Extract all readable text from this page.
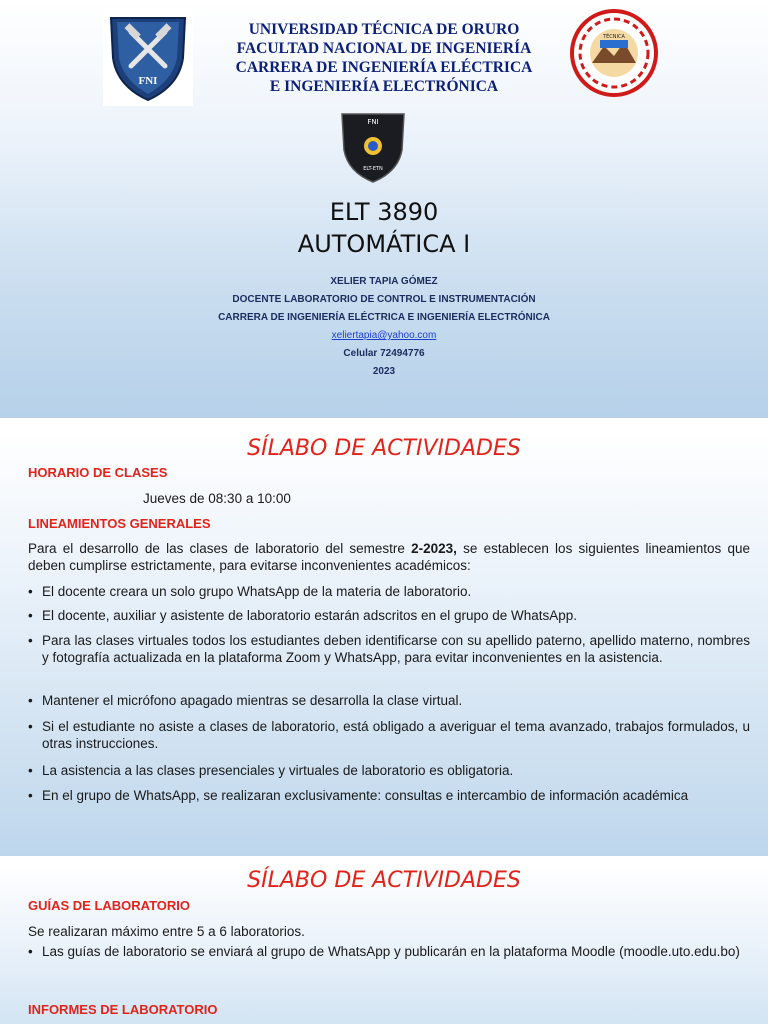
FNI
UNIVERSIDAD TÉCNICA DE ORURO
FACULTAD NACIONAL DE INGENIERÍA
CARRERA DE INGENIERÍA ELÉCTRICA
E INGENIERÍA ELECTRÓNICA
TÉCNICA
FNI
ELT-ETN
ELT 3890
AUTOMÁTICA I
XELIER TAPIA GÓMEZ
DOCENTE LABORATORIO DE CONTROL E INSTRUMENTACIÓN
CARRERA DE INGENIERÍA ELÉCTRICA E INGENIERÍA ELECTRÓNICA
xeliertapia@yahoo.com
Celular 72494776
2023
SÍLABO DE ACTIVIDADES
HORARIO DE CLASES
Jueves de 08:30 a 10:00
LINEAMIENTOS GENERALES
Para el desarrollo de las clases de laboratorio del semestre 2-2023, se establecen los siguientes lineamientos que deben cumplirse estrictamente, para evitarse inconvenientes académicos:
• El docente creara un solo grupo WhatsApp de la materia de laboratorio.
• El docente, auxiliar y asistente de laboratorio estarán adscritos en el grupo de WhatsApp.
• Para las clases virtuales todos los estudiantes deben identificarse con su apellido paterno, apellido materno, nombres y fotografía actualizada en la plataforma Zoom y WhatsApp, para evitar inconvenientes en la asistencia.
• Mantener el micrófono apagado mientras se desarrolla la clase virtual.
• Si el estudiante no asiste a clases de laboratorio, está obligado a averiguar el tema avanzado, trabajos formulados, u otras instrucciones.
• La asistencia a las clases presenciales y virtuales de laboratorio es obligatoria.
• En el grupo de WhatsApp, se realizaran exclusivamente: consultas e intercambio de información académica
SÍLABO DE ACTIVIDADES
GUÍAS DE LABORATORIO
Se realizaran máximo entre 5 a 6 laboratorios.
• Las guías de laboratorio se enviará al grupo de WhatsApp y publicarán en la plataforma Moodle (moodle.uto.edu.bo)
INFORMES DE LABORATORIO
